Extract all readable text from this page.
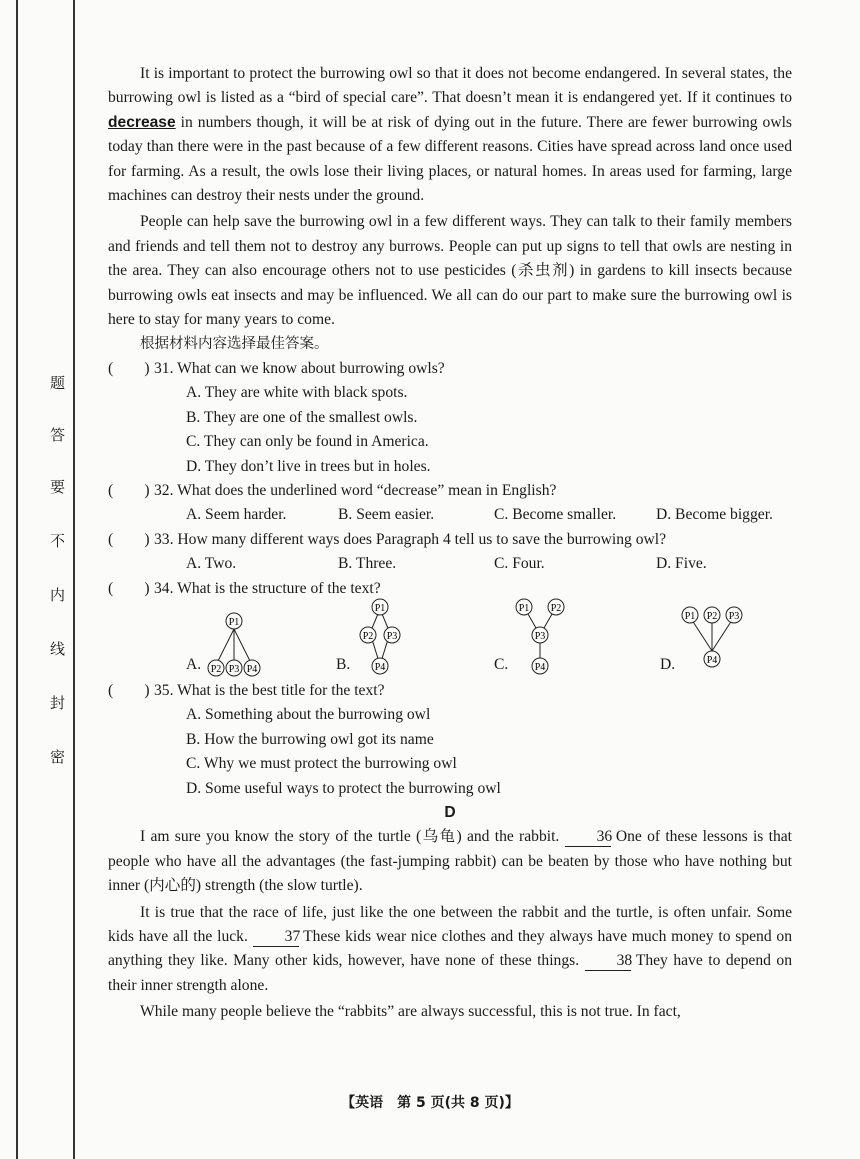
题
答
要
不
内
线
封
密

It is important to protect the burrowing owl so that it does not become endangered. In several states, the burrowing owl is listed as a “bird of special care”. That doesn’t mean it is endangered yet. If it continues to decrease in numbers though, it will be at risk of dying out in the future. There are fewer burrowing owls today than there were in the past because of a few different reasons. Cities have spread across land once used for farming. As a result, the owls lose their living places, or natural homes. In areas used for farming, large machines can destroy their nests under the ground.

People can help save the burrowing owl in a few different ways. They can talk to their family members and friends and tell them not to destroy any burrows. People can put up signs to tell that owls are nesting in the area. They can also encourage others not to use pesticides (杀虫剂) in gardens to kill insects because burrowing owls eat insects and may be influenced. We all can do our part to make sure the burrowing owl is here to stay for many years to come.

根据材料内容选择最佳答案。

(　　) 31. What can we know about burrowing owls?

A. They are white with black spots.
B. They are one of the smallest owls.
C. They can only be found in America.
D. They don’t live in trees but in holes.

(　　) 32. What does the underlined word “decrease” mean in English?

A. Seem harder.	B. Seem easier.	C. Become smaller.	D. Become bigger.

(　　) 33. How many different ways does Paragraph 4 tell us to save the burrowing owl?

A. Two.	B. Three.	C. Four.	D. Five.

(　　) 34. What is the structure of the text?

A.
P1
P2 P3 P4	B.
P1
P2 P3
P4	C.
P1 P2
P3
P4	D.
P1 P2 P3
P4

(　　) 35. What is the best title for the text?

A. Something about the burrowing owl
B. How the burrowing owl got its name
C. Why we must protect the burrowing owl
D. Some useful ways to protect the burrowing owl

D

I am sure you know the story of the turtle (乌龟) and the rabbit. 36 One of these lessons is that people who have all the advantages (the fast-jumping rabbit) can be beaten by those who have nothing but inner (内心的) strength (the slow turtle).

It is true that the race of life, just like the one between the rabbit and the turtle, is often unfair. Some kids have all the luck. 37 These kids wear nice clothes and they always have much money to spend on anything they like. Many other kids, however, have none of these things. 38 They have to depend on their inner strength alone.

While many people believe the “rabbits” are always successful, this is not true. In fact,

【英语　第 5 页(共 8 页)】
